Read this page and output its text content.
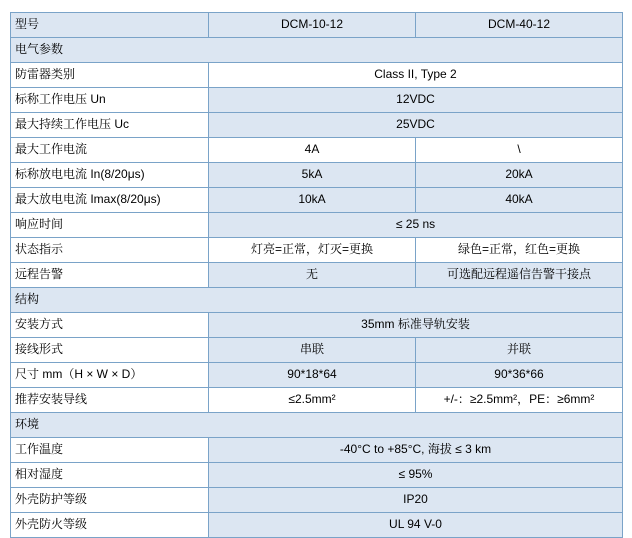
型号	DCM-10-12	DCM-40-12
电气参数		
防雷器类别	Class II, Type 2	
标称工作电压 Un	12VDC	
最大持续工作电压 Uc	25VDC	
最大工作电流	4A	\
标称放电电流 In(8/20μs)	5kA	20kA
最大放电电流 Imax(8/20μs)	10kA	40kA
响应时间	≤ 25 ns	
状态指示	灯亮=正常，灯灭=更换	绿色=正常，红色=更换
远程告警	无	可选配远程遥信告警干接点
结构		
安装方式	35mm 标准导轨安装	
接线形式	串联	并联
尺寸 mm（H × W × D）	90*18*64	90*36*66
推荐安装导线	≤2.5mm²	+/-：≥2.5mm²，PE：≥6mm²
环境		
工作温度	-40°C to +85°C, 海拔 ≤ 3 km	
相对湿度	≤ 95%	
外壳防护等级	IP20	
外壳防火等级	UL 94 V-0	
